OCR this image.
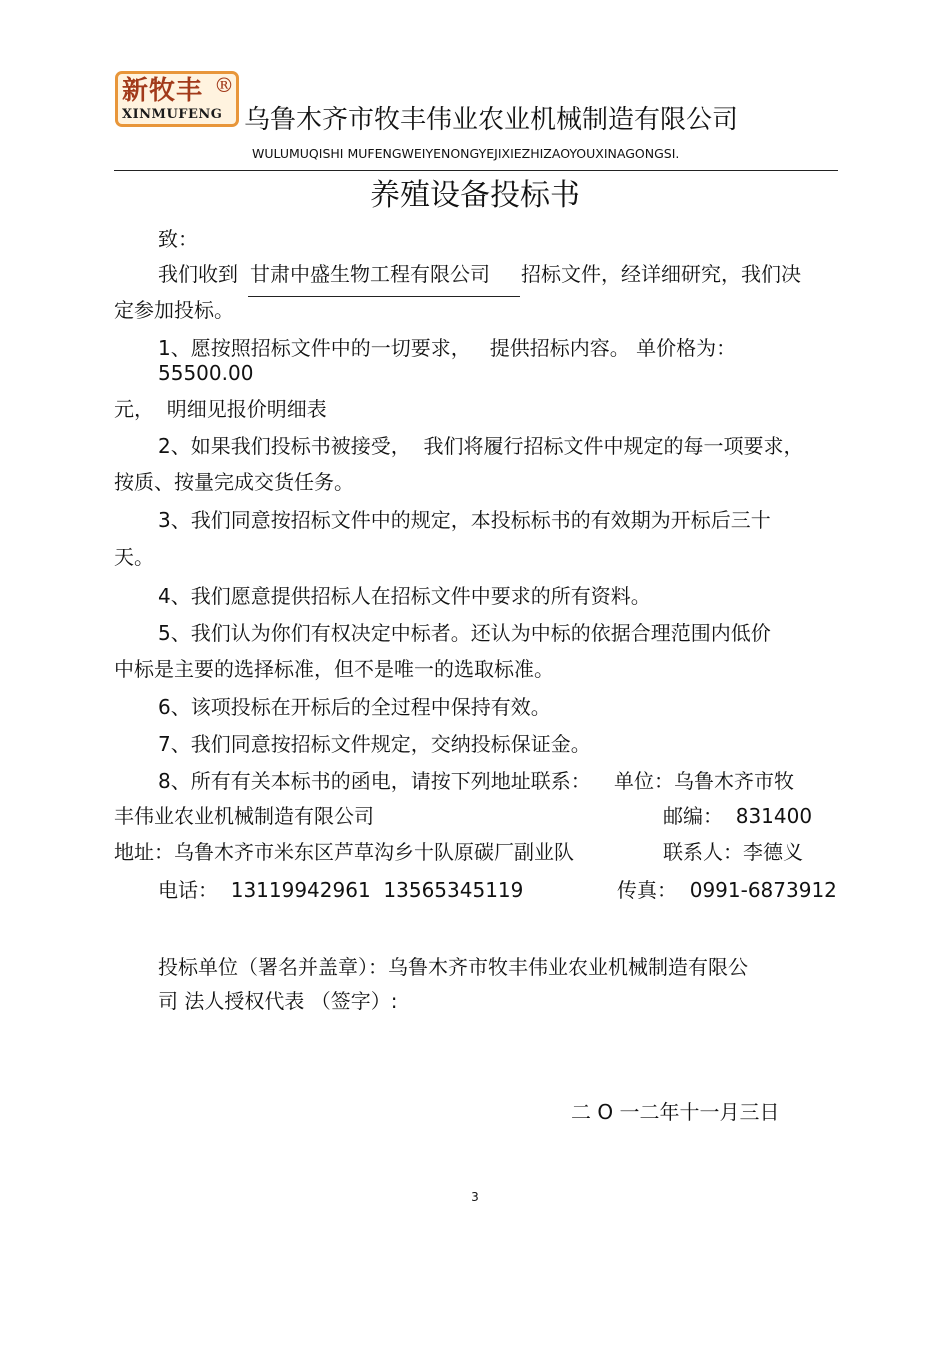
新牧丰 ®
XINMUFENG 乌鲁木齐市牧丰伟业农业机械制造有限公司
WULUMUQISHI MUFENGWEIYENONGYEJIXIEZHIZAOYOUXINAGONGSI.
养殖设备投标书
致：
我们收到 甘肃中盛生物工程有限公司 招标文件，经详细研究，我们决
定参加投标。
1、愿按照招标文件中的一切要求，   提供招标内容。 单价格为：
55500.00
元，  明细见报价明细表
2、如果我们投标书被接受，  我们将履行招标文件中规定的每一项要求，
按质、按量完成交货任务。
3、我们同意按招标文件中的规定，本投标标书的有效期为开标后三十
天。
4、我们愿意提供招标人在招标文件中要求的所有资料。
5、我们认为你们有权决定中标者。还认为中标的依据合理范围内低价
中标是主要的选择标准，但不是唯一的选取标准。
6、该项投标在开标后的全过程中保持有效。
7、我们同意按招标文件规定，交纳投标保证金。
8、所有有关本标书的函电，请按下列地址联系： 单位：乌鲁木齐市牧
丰伟业农业机械制造有限公司	邮编：  831400
地址：乌鲁木齐市米东区芦草沟乡十队原碳厂副业队	联系人：李德义
电话：  13119942961  13565345119	传真：  0991-6873912
投标单位（署名并盖章）：乌鲁木齐市牧丰伟业农业机械制造有限公
司 法人授权代表 （签字）:
二 O 一二年十一月三日
3
